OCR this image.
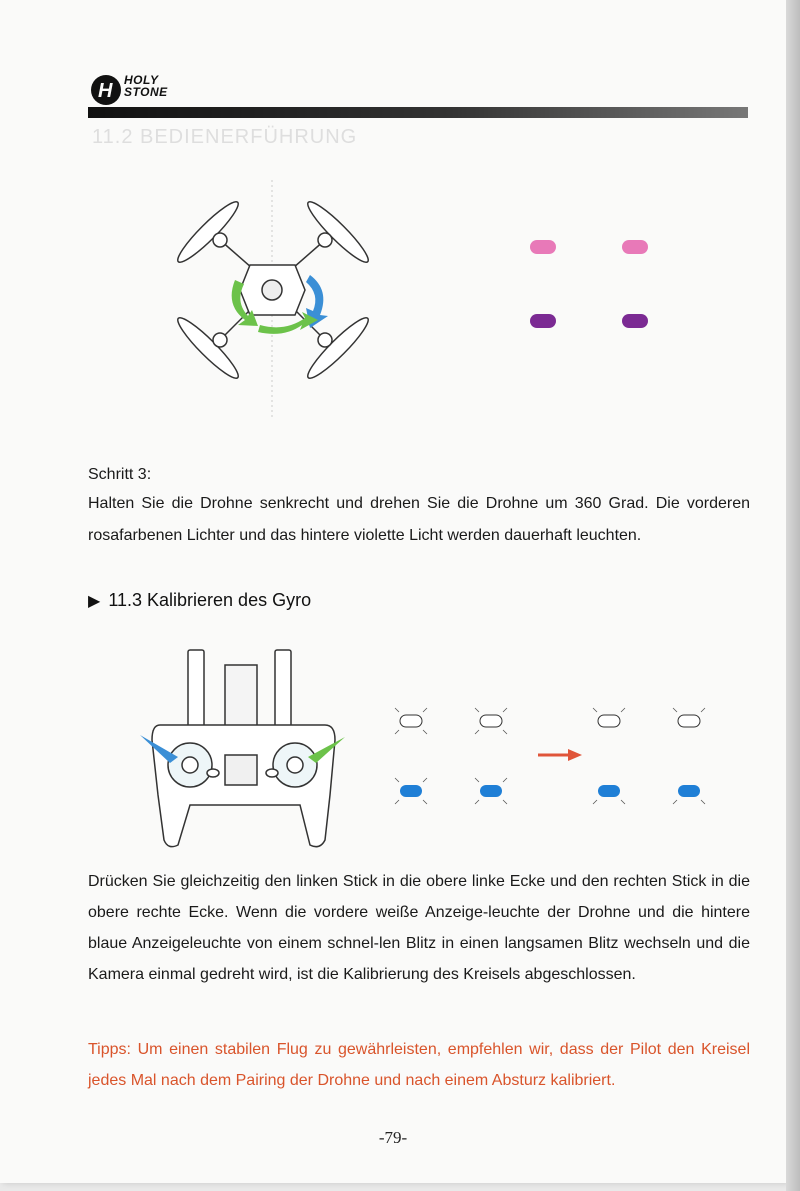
11.2 BEDIENERFÜHRUNG
H HOLY STONE
Schritt 3:
Halten Sie die Drohne senkrecht und drehen Sie die Drohne um 360 Grad. Die vorderen rosafarbenen Lichter und das hintere violette Licht werden dauerhaft leuchten.
▶ 11.3 Kalibrieren des Gyro
Drücken Sie gleichzeitig den linken Stick in die obere linke Ecke und den rechten Stick in die obere rechte Ecke. Wenn die vordere weiße Anzeige-leuchte der Drohne und die hintere blaue Anzeigeleuchte von einem schnel-len Blitz in einen langsamen Blitz wechseln und die Kamera einmal gedreht wird, ist die Kalibrierung des Kreisels abgeschlossen.
Tipps: Um einen stabilen Flug zu gewährleisten, empfehlen wir, dass der Pilot den Kreisel jedes Mal nach dem Pairing der Drohne und nach einem Absturz kalibriert.
-79-
